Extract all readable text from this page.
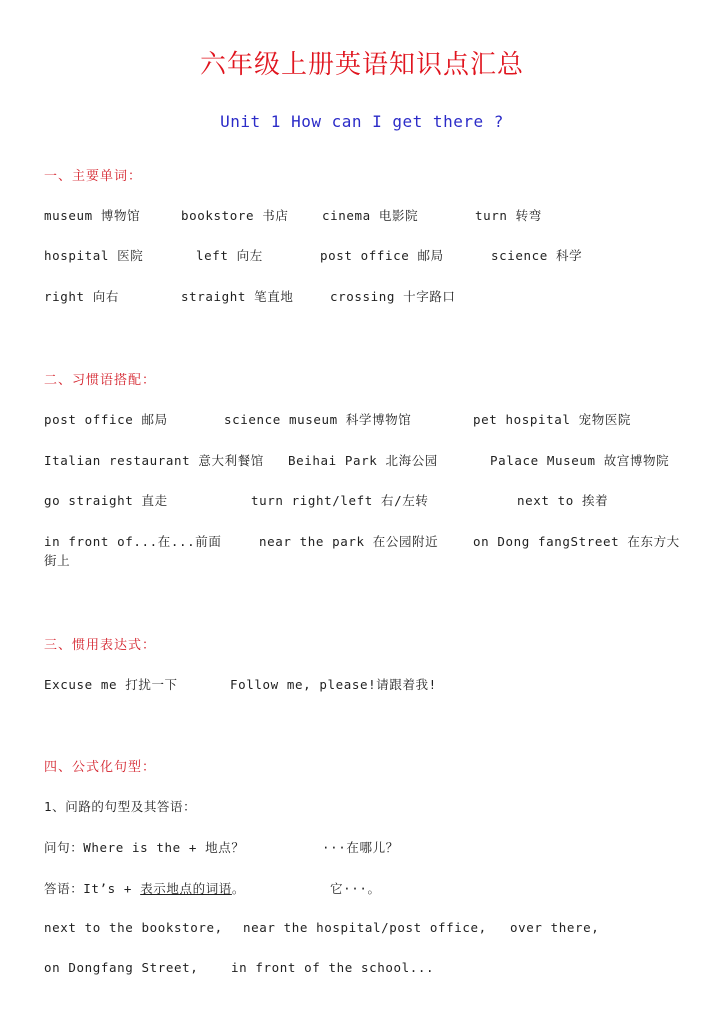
六年级上册英语知识点汇总
Unit 1 How can I get there ?
一、主要单词：
museum 博物馆	bookstore 书店	cinema 电影院	turn 转弯
hospital 医院	left 向左	post office 邮局	science 科学
right 向右	straight 笔直地	crossing 十字路口
二、习惯语搭配：
post office 邮局	science museum 科学博物馆	pet hospital 宠物医院
Italian restaurant 意大利餐馆 Beihai Park 北海公园	Palace Museum 故宫博物院
go straight 直走	turn right/left 右/左转	next to 挨着
in front of...在...前面	near the park 在公园附近	on Dong fangStreet 在东方大
街上
三、惯用表达式：
Excuse me 打扰一下	Follow me, please!请跟着我!
四、公式化句型：
1、问路的句型及其答语：
问句：Where is the + 地点？	···在哪儿？
答语：It’s + 表示地点的词语。	它···。
next to the bookstore, near the hospital/post office, over there,
on Dongfang Street,	in front of the school...
